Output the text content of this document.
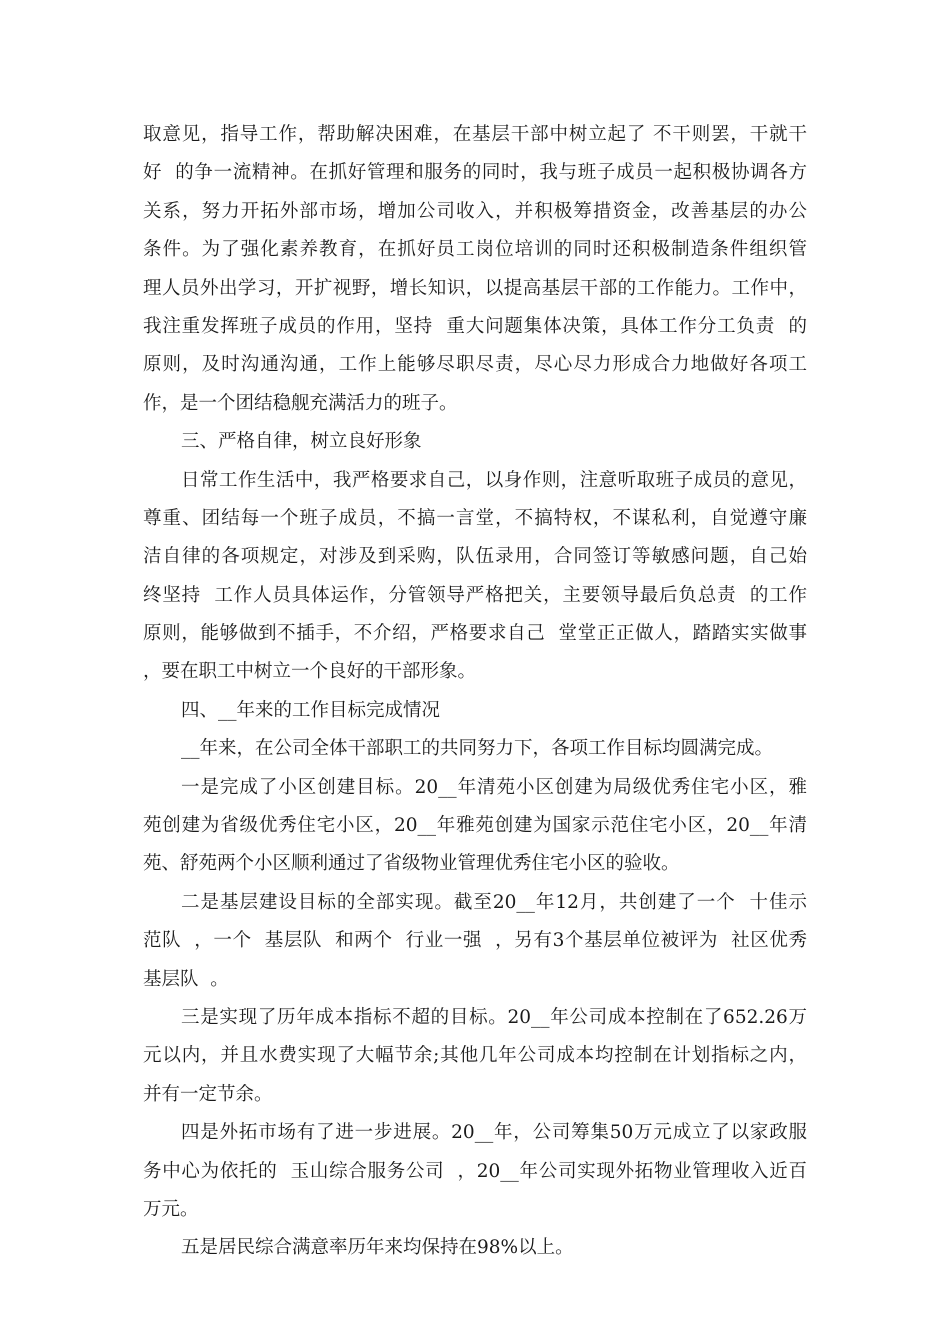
取意见，指导工作，帮助解决困难，在基层干部中树立起了 不干则罢，干就干
好  的争一流精神。在抓好管理和服务的同时，我与班子成员一起积极协调各方
关系，努力开拓外部市场，增加公司收入，并积极筹措资金，改善基层的办公
条件。为了强化素养教育，在抓好员工岗位培训的同时还积极制造条件组织管
理人员外出学习，开扩视野，增长知识，以提高基层干部的工作能力。工作中，
我注重发挥班子成员的作用，坚持  重大问题集体决策，具体工作分工负责  的
原则，及时沟通沟通，工作上能够尽职尽责，尽心尽力形成合力地做好各项工
作，是一个团结稳舰充满活力的班子。
三、严格自律，树立良好形象
日常工作生活中，我严格要求自己，以身作则，注意听取班子成员的意见，
尊重、团结每一个班子成员，不搞一言堂，不搞特权，不谋私利，自觉遵守廉
洁自律的各项规定，对涉及到采购，队伍录用，合同签订等敏感问题，自己始
终坚持  工作人员具体运作，分管领导严格把关，主要领导最后负总责  的工作
原则，能够做到不插手，不介绍，严格要求自己  堂堂正正做人，踏踏实实做事
，要在职工中树立一个良好的干部形象。
四、__年来的工作目标完成情况
__年来，在公司全体干部职工的共同努力下，各项工作目标均圆满完成。
一是完成了小区创建目标。20__年清苑小区创建为局级优秀住宅小区，雅
苑创建为省级优秀住宅小区，20__年雅苑创建为国家示范住宅小区，20__年清
苑、舒苑两个小区顺利通过了省级物业管理优秀住宅小区的验收。
二是基层建设目标的全部实现。截至20__年12月，共创建了一个  十佳示
范队  ，一个  基层队  和两个  行业一强  ，另有3个基层单位被评为  社区优秀
基层队  。
三是实现了历年成本指标不超的目标。20__年公司成本控制在了652.26万
元以内，并且水费实现了大幅节余;其他几年公司成本均控制在计划指标之内，
并有一定节余。
四是外拓市场有了进一步进展。20__年，公司筹集50万元成立了以家政服
务中心为依托的  玉山综合服务公司  ，20__年公司实现外拓物业管理收入近百
万元。
五是居民综合满意率历年来均保持在98%以上。
